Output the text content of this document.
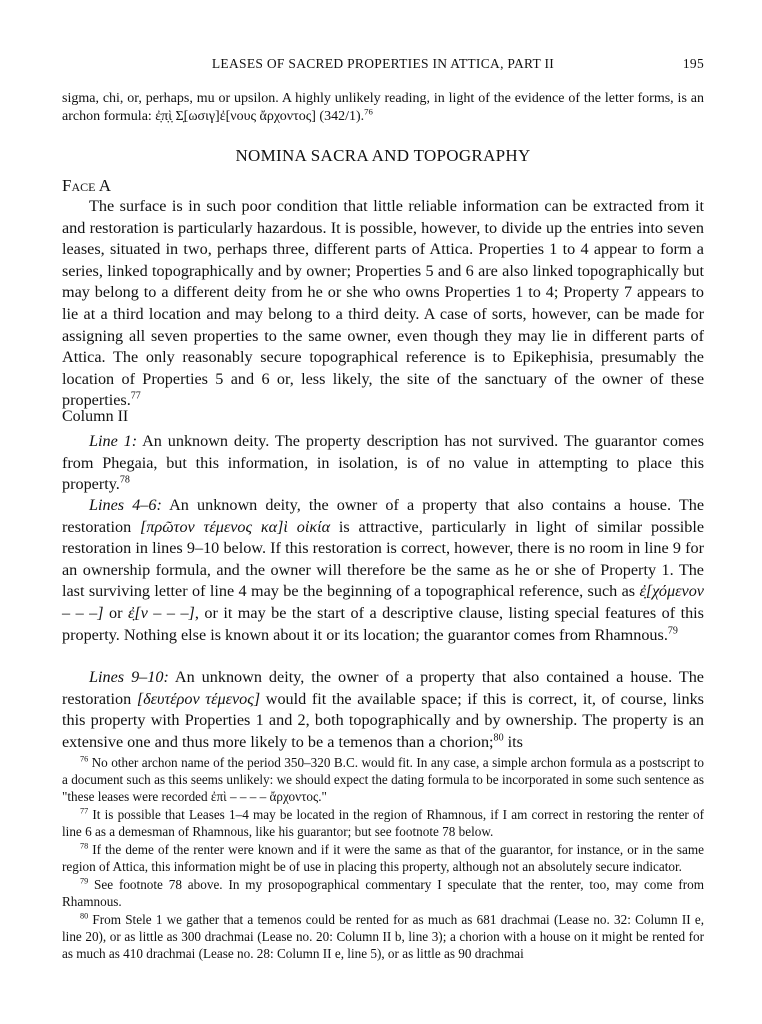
LEASES OF SACRED PROPERTIES IN ATTICA, PART II	195

sigma, chi, or, perhaps, mu or upsilon. A highly unlikely reading, in light of the evidence of the letter forms, is an archon formula: ἐ̣π̣ὶ̣ Σ̣[ωσιγ]ἐ[νους ἄρχοντος] (342/1).$^{76}$

NOMINA SACRA AND TOPOGRAPHY
Face A

The surface is in such poor condition that little reliable information can be extracted from it and restoration is particularly hazardous. It is possible, however, to divide up the entries into seven leases, situated in two, perhaps three, different parts of Attica. Properties 1 to 4 appear to form a series, linked topographically and by owner; Properties 5 and 6 are also linked topographically but may belong to a different deity from he or she who owns Properties 1 to 4; Property 7 appears to lie at a third location and may belong to a third deity. A case of sorts, however, can be made for assigning all seven properties to the same owner, even though they may lie in different parts of Attica. The only reasonably secure topographical reference is to Epikephisia, presumably the location of Properties 5 and 6 or, less likely, the site of the sanctuary of the owner of these properties.$^{77}$

Column II

Line 1: An unknown deity. The property description has not survived. The guarantor comes from Phegaia, but this information, in isolation, is of no value in attempting to place this property.$^{78}$

Lines 4–6: An unknown deity, the owner of a property that also contains a house. The restoration [πρῶτον τέμενος κα]ὶ οἰκία is attractive, particularly in light of similar possible restoration in lines 9–10 below. If this restoration is correct, however, there is no room in line 9 for an ownership formula, and the owner will therefore be the same as he or she of Property 1. The last surviving letter of line 4 may be the beginning of a topographical reference, such as ἐ̣[χόμενον ‒ ‒ ‒] or ἐ̣[ν ‒ ‒ ‒], or it may be the start of a descriptive clause, listing special features of this property. Nothing else is known about it or its location; the guarantor comes from Rhamnous.$^{79}$

Lines 9–10: An unknown deity, the owner of a property that also contained a house. The restoration [δευτέρον τέμενος] would fit the available space; if this is correct, it, of course, links this property with Properties 1 and 2, both topographically and by ownership. The property is an extensive one and thus more likely to be a temenos than a chorion;$^{80}$ its

$^{76}$ No other archon name of the period 350–320 B.C. would fit. In any case, a simple archon formula as a postscript to a document such as this seems unlikely: we should expect the dating formula to be incorporated in some such sentence as "these leases were recorded ἐπὶ ‒ ‒ ‒ ‒ ἄρχοντος."

$^{77}$ It is possible that Leases 1–4 may be located in the region of Rhamnous, if I am correct in restoring the renter of line 6 as a demesman of Rhamnous, like his guarantor; but see footnote 78 below.

$^{78}$ If the deme of the renter were known and if it were the same as that of the guarantor, for instance, or in the same region of Attica, this information might be of use in placing this property, although not an absolutely secure indicator.

$^{79}$ See footnote 78 above. In my prosopographical commentary I speculate that the renter, too, may come from Rhamnous.

$^{80}$ From Stele 1 we gather that a temenos could be rented for as much as 681 drachmai (Lease no. 32: Column II e, line 20), or as little as 300 drachmai (Lease no. 20: Column II b, line 3); a chorion with a house on it might be rented for as much as 410 drachmai (Lease no. 28: Column II e, line 5), or as little as 90 drachmai
